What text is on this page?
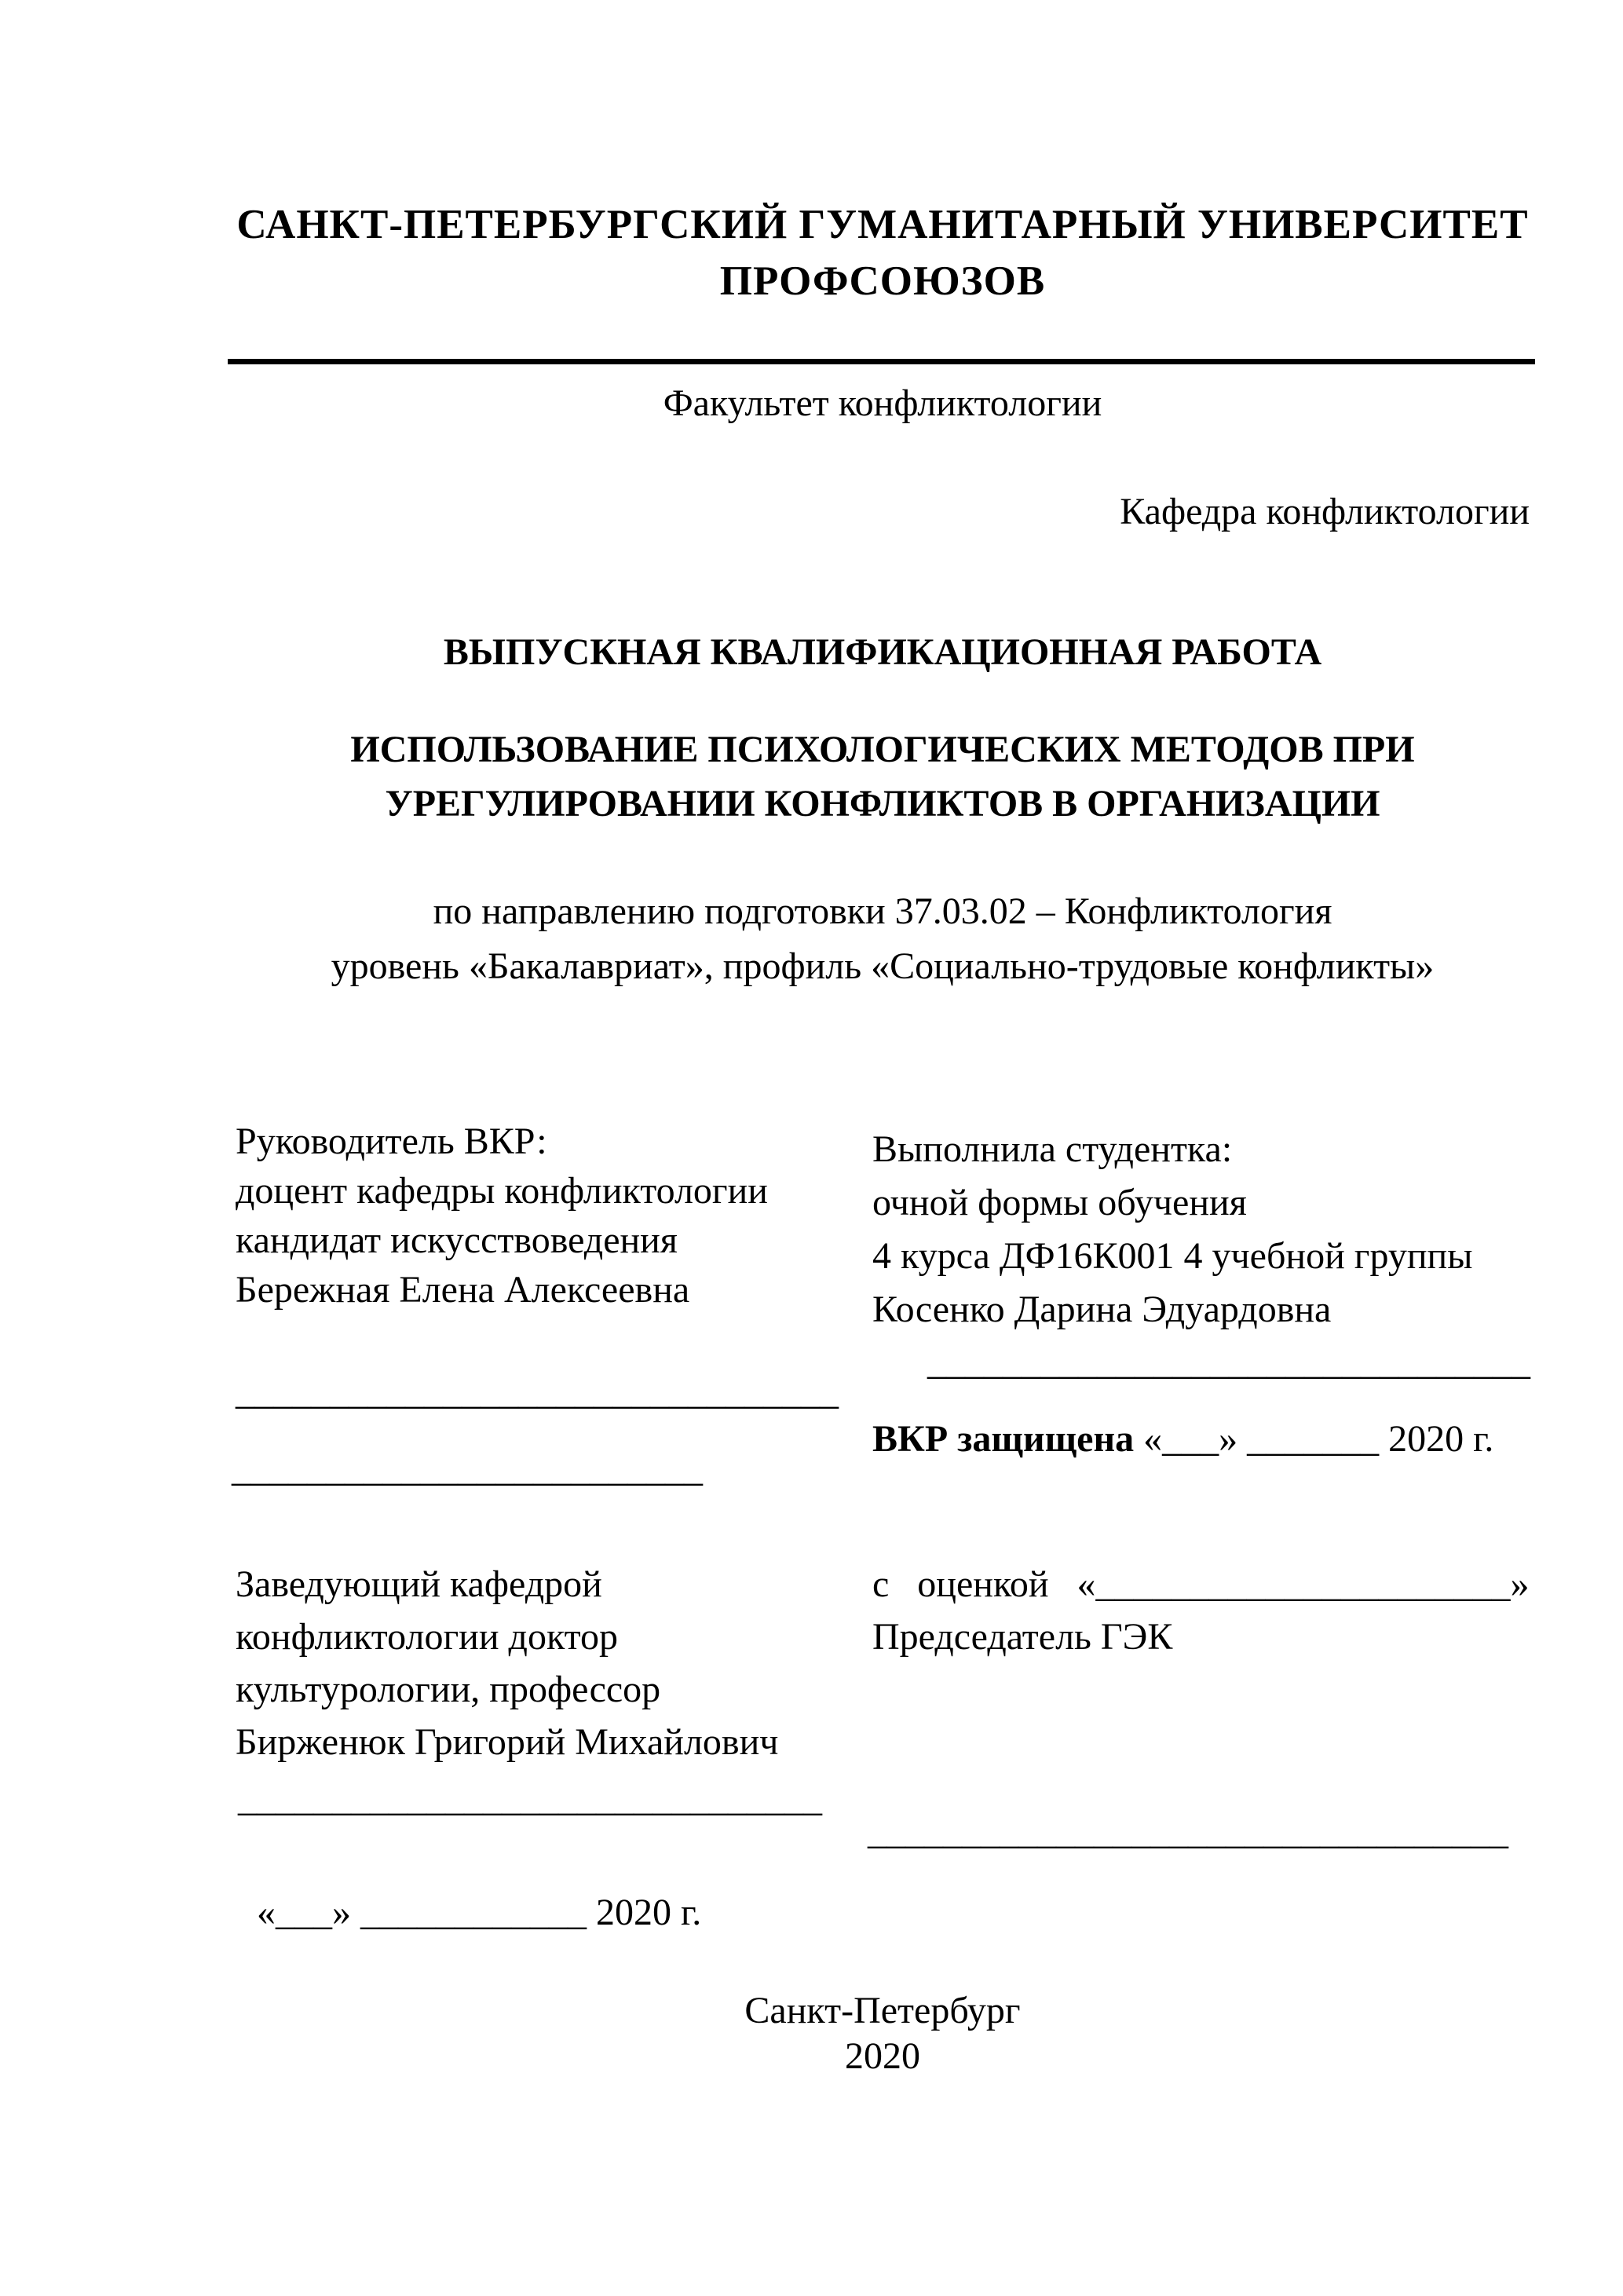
САНКТ-ПЕТЕРБУРГСКИЙ ГУМАНИТАРНЫЙ УНИВЕРСИТЕТ
ПРОФСОЮЗОВ
Факультет конфликтологии
Кафедра конфликтологии
ВЫПУСКНАЯ КВАЛИФИКАЦИОННАЯ РАБОТА
ИСПОЛЬЗОВАНИЕ ПСИХОЛОГИЧЕСКИХ МЕТОДОВ ПРИ
УРЕГУЛИРОВАНИИ КОНФЛИКТОВ В ОРГАНИЗАЦИИ
по направлению подготовки 37.03.02 – Конфликтология
уровень «Бакалавриат», профиль «Социально-трудовые конфликты»
Руководитель ВКР:
доцент кафедры конфликтологии
кандидат искусствоведения
Бережная Елена Алексеевна
________________________________
_________________________
Выполнила студентка:
очной формы обучения
4 курса ДФ16К001 4 учебной группы
Косенко Дарина Эдуардовна
________________________________
ВКР защищена «___» _______ 2020 г.
Заведующий кафедрой
конфликтологии доктор
культурологии, профессор
Бирженюк Григорий Михайлович
_______________________________
«___» ____________ 2020 г.
с оценкой «______________________»
Председатель ГЭК
__________________________________
Санкт-Петербург
2020
